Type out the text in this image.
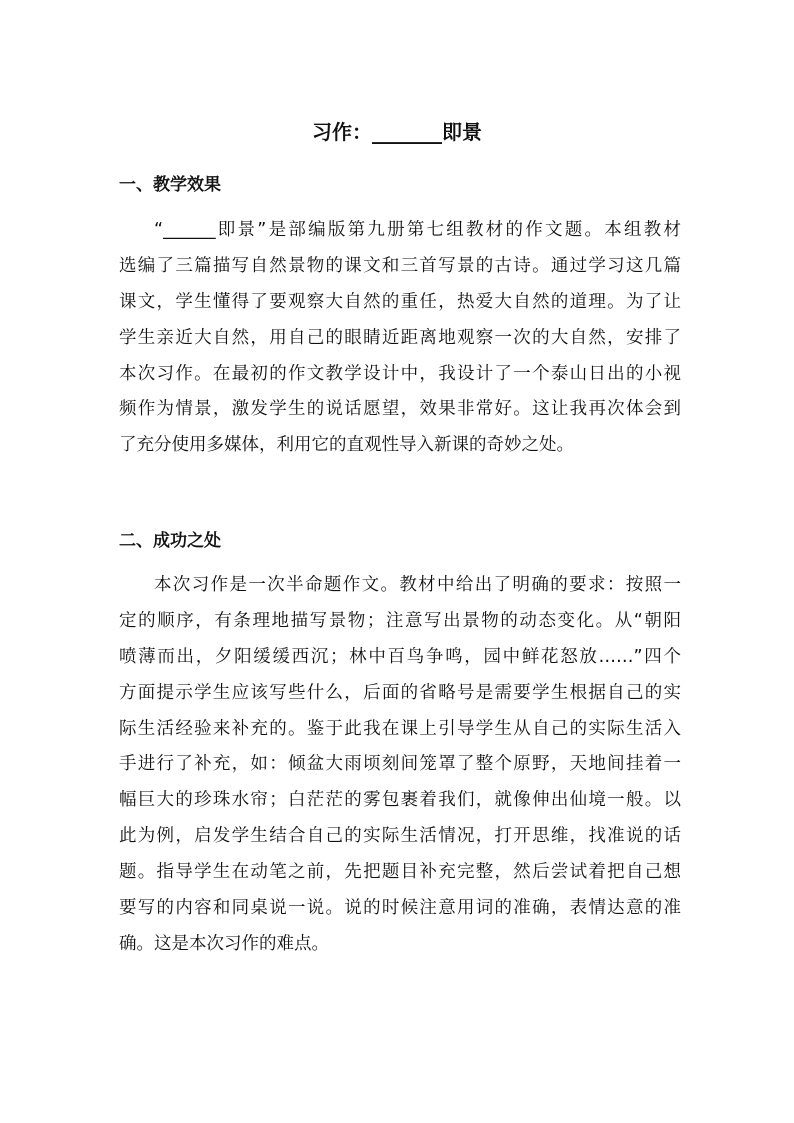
习作：_______即景
一、教学效果
“______即景”是部编版第九册第七组教材的作文题。本组教材
选编了三篇描写自然景物的课文和三首写景的古诗。通过学习这几篇
课文，学生懂得了要观察大自然的重任，热爱大自然的道理。为了让
学生亲近大自然，用自己的眼睛近距离地观察一次的大自然，安排了
本次习作。在最初的作文教学设计中，我设计了一个泰山日出的小视
频作为情景，激发学生的说话愿望，效果非常好。这让我再次体会到
了充分使用多媒体，利用它的直观性导入新课的奇妙之处。
二、成功之处
本次习作是一次半命题作文。教材中给出了明确的要求：按照一
定的顺序，有条理地描写景物；注意写出景物的动态变化。从“朝阳
喷薄而出，夕阳缓缓西沉；林中百鸟争鸣，园中鲜花怒放……”四个
方面提示学生应该写些什么，后面的省略号是需要学生根据自己的实
际生活经验来补充的。鉴于此我在课上引导学生从自己的实际生活入
手进行了补充，如：倾盆大雨顷刻间笼罩了整个原野，天地间挂着一
幅巨大的珍珠水帘；白茫茫的雾包裹着我们，就像伸出仙境一般。以
此为例，启发学生结合自己的实际生活情况，打开思维，找准说的话
题。指导学生在动笔之前，先把题目补充完整，然后尝试着把自己想
要写的内容和同桌说一说。说的时候注意用词的准确，表情达意的准
确。这是本次习作的难点。
